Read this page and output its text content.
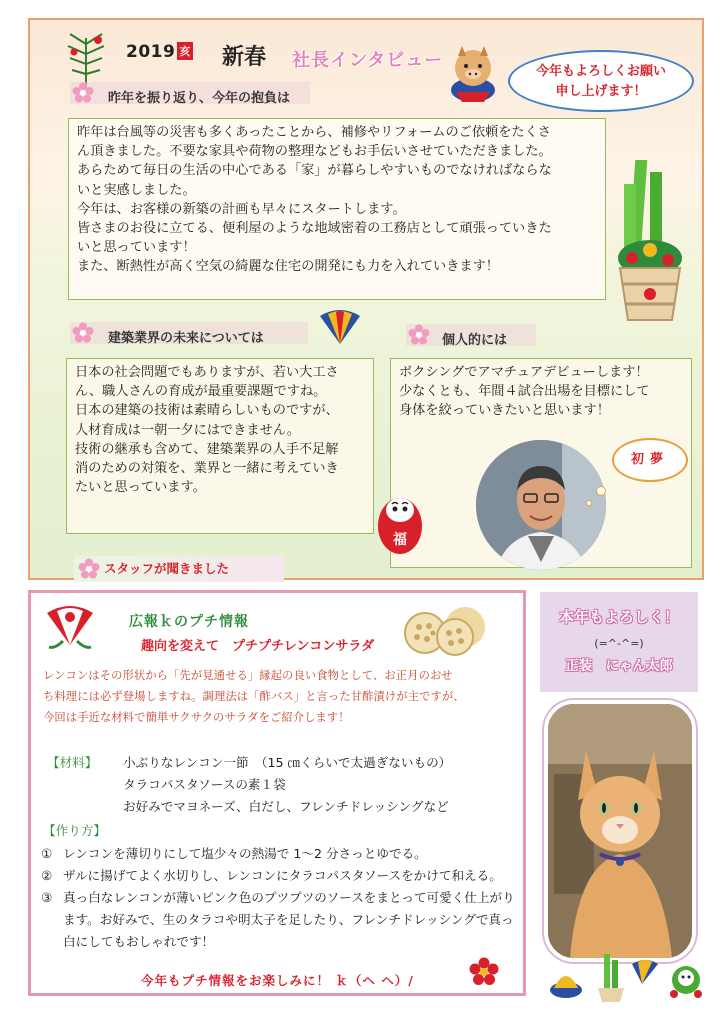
2019 亥 新春 社長インタビュー
今年もよろしくお願い
申し上げます！
昨年を振り返り、今年の抱負は

昨年は台風等の災害も多くあったことから、補修やリフォームのご依頼をたくさ

ん頂きました。不要な家具や荷物の整理などもお手伝いさせていただきました。

あらためて毎日の生活の中心である「家」が暮らしやすいものでなければならな

いと実感しました。

今年は、お客様の新築の計画も早々にスタートします。

皆さまのお役に立てる、便利屋のような地域密着の工務店として頑張っていきた

いと思っています！

また、断熱性が高く空気の綺麗な住宅の開発にも力を入れていきます！

建築業界の未来については	個人的には

日本の社会問題でもありますが、若い大工さ

ん、職人さんの育成が最重要課題ですね。

日本の建築の技術は素晴らしいものですが、

人材育成は一朝一夕にはできません。

技術の継承も含めて、建築業界の人手不足解

消のための対策を、業界と一緒に考えていき

たいと思っています。

ボクシングでアマチュアデビューします！

少なくとも、年間４試合出場を目標にして

身体を絞っていきたいと思います！

初夢
福
スタッフが聞きました
広報ｋのプチ情報
趣向を変えて　プチプチレンコンサラダ
レンコンはその形状から「先が見通せる」縁起の良い食物として、お正月のおせ
ち料理には必ず登場しますね。調理法は「酢バス」と言った甘酢漬けが主ですが、
今回は手近な材料で簡単サクサクのサラダをご紹介します！
【材料】 小ぶりなレンコン一節　（15 ㎝くらいで太過ぎないもの）
タラコパスタソースの素１袋
お好みでマヨネーズ、白だし、フレンチドレッシングなど
【作り方】
① レンコンを薄切りにして塩少々の熱湯で 1～2 分さっとゆでる。
② ザルに揚げてよく水切りし、レンコンにタラコパスタソースをかけて和える。
③ 真っ白なレンコンが薄いピンク色のプツプツのソースをまとって可愛く仕上がります。お好みで、生のタラコや明太子を足したり、フレンチドレッシングで真っ白にしてもおしゃれです！
今年もプチ情報をお楽しみに！ ｋ（ヘ ヘ）/
本年もよろしく！
(=^-^=)
正装　にゃん太郎
